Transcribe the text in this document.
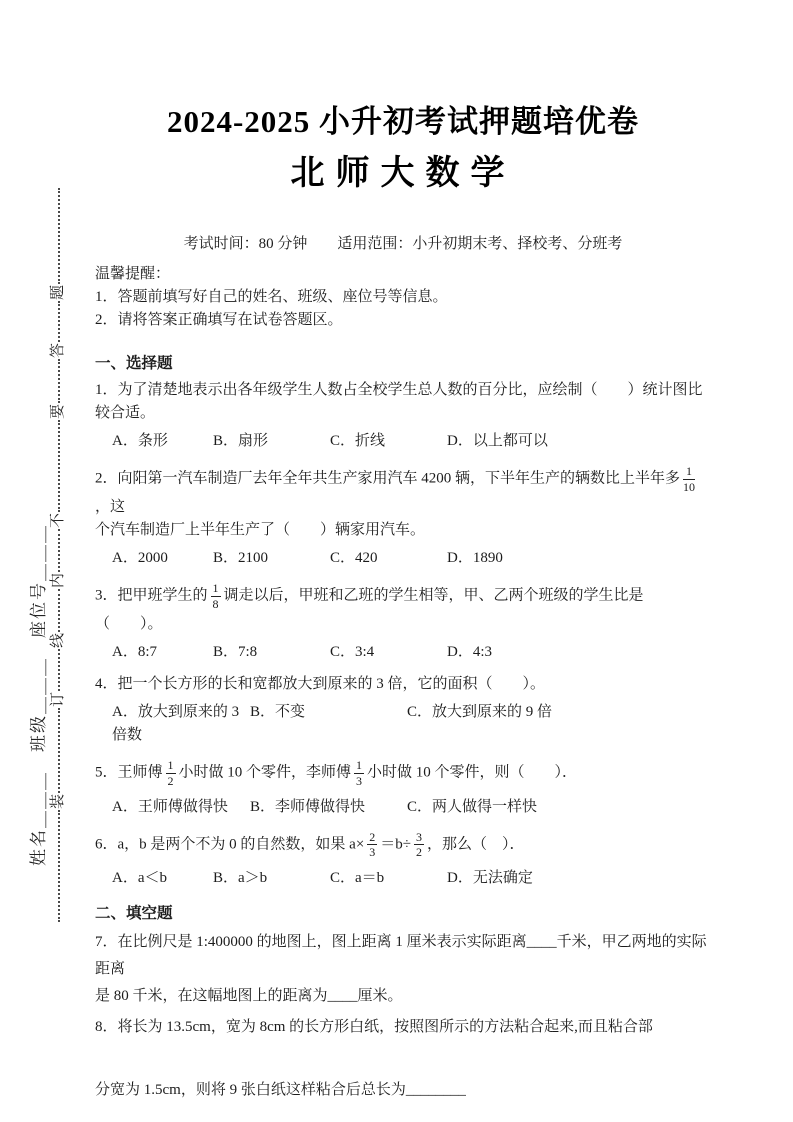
姓名＿＿＿　班级＿＿＿　座位号＿＿＿ 装
订
线
内
不
要
答
题
2024-2025 小升初考试押题培优卷
北师大数学
考试时间：80 分钟　　适用范围：小升初期末考、择校考、分班考
温馨提醒：
1．答题前填写好自己的姓名、班级、座位号等信息。
2．请将答案正确填写在试卷答题区。
一、选择题
1．为了清楚地表示出各年级学生人数占全校学生总人数的百分比，应绘制（　　）统计图比较合适。
A．条形	B．扇形	C．折线	D．以上都可以
2．向阳第一汽车制造厂去年全年共生产家用汽车 4200 辆，下半年生产的辆数比上半年多 $\frac{1}{10}$
，这
个汽车制造厂上半年生产了（　　）辆家用汽车。
A．2000	B．2100	C．420	D．1890
3．把甲班学生的 $\frac{1}{8}$ 调走以后，甲班和乙班的学生相等，甲、乙两个班级的学生比是（　　）。
A．8:7	B．7:8	C．3:4	D．4:3
4．把一个长方形的长和宽都放大到原来的 3 倍，它的面积（　　）。
A．放大到原来的 3 倍数
B．不变	C．放大到原来的 9 倍
5．王师傅 $\frac{1}{2}$ 小时做 10 个零件，李师傅 $\frac{1}{3}$ 小时做 10 个零件，则（　　）．
A．王师傅做得快	B．李师傅做得快	C．两人做得一样快
6．a，b 是两个不为 0 的自然数，如果 $a\times \frac{2}{3} =b\div \frac{3}{2}$ ，那么（　）．
A．a＜b	B．a＞b	C．a＝b	D．无法确定
二、填空题
7．在比例尺是 1:400000 的地图上，图上距离 1 厘米表示实际距离____千米，甲乙两地的实际距离
是 80 千米，在这幅地图上的距离为____厘米。
8．将长为 13.5cm，宽为 8cm 的长方形白纸，按照图所示的方法粘合起来,而且粘合部
分宽为 1.5cm，则将 9 张白纸这样粘合后总长为________
